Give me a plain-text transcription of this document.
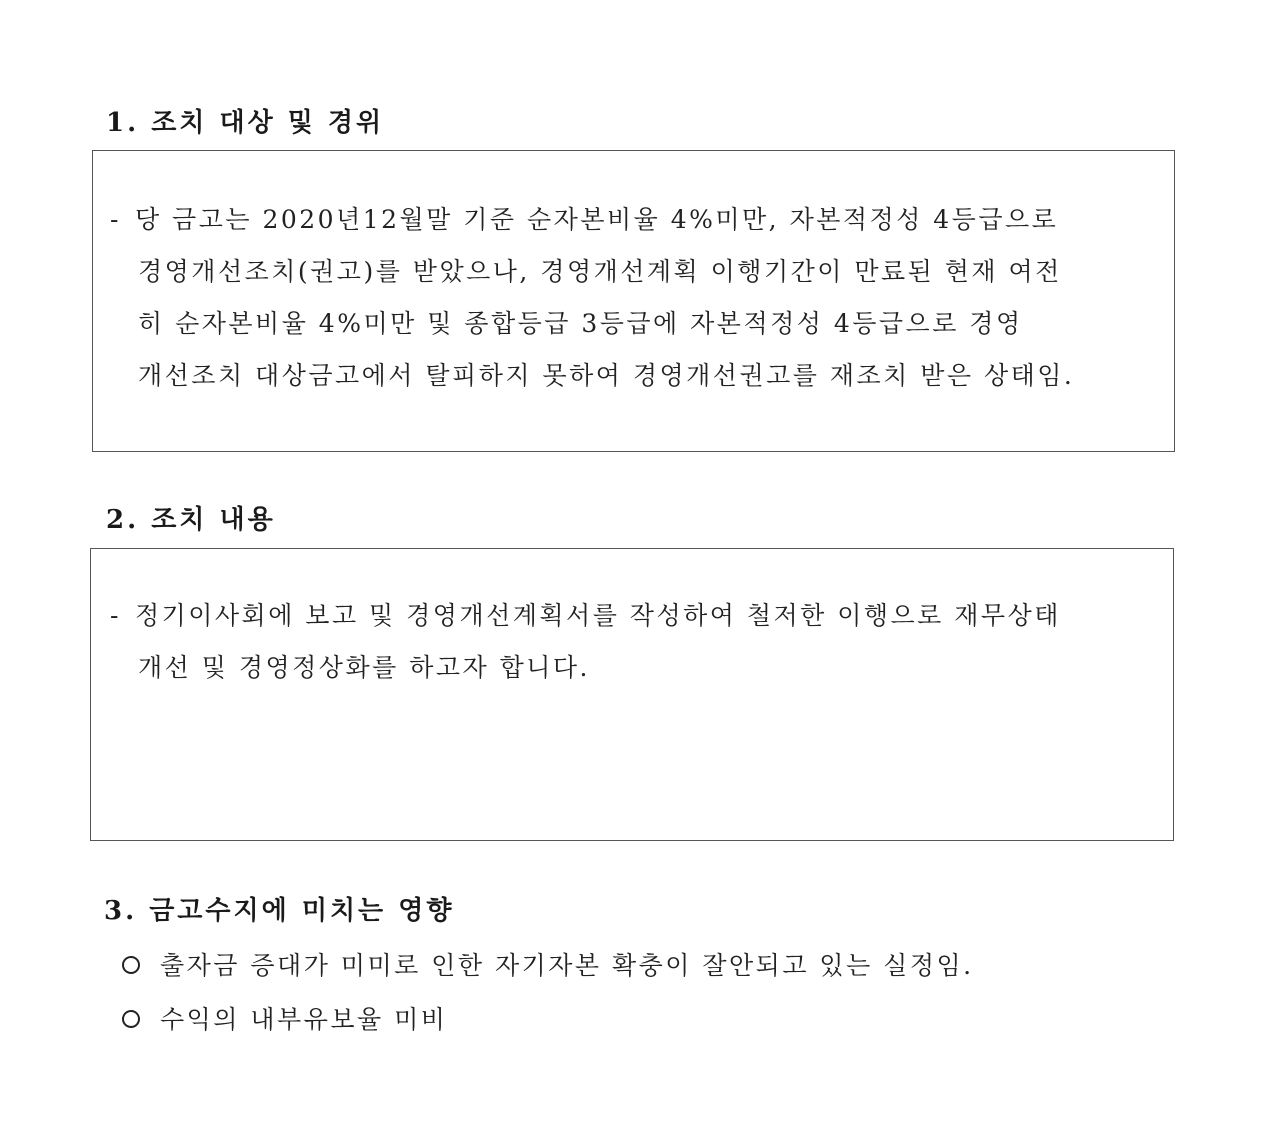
1. 조치 대상 및 경위
- 당 금고는 2020년12월말 기준 순자본비율 4%미만, 자본적정성 4등급으로
경영개선조치(권고)를 받았으나, 경영개선계획 이행기간이 만료된 현재 여전
히 순자본비율 4%미만 및 종합등급 3등급에 자본적정성 4등급으로 경영
개선조치 대상금고에서 탈피하지 못하여 경영개선권고를 재조치 받은 상태임.
2. 조치 내용
- 정기이사회에 보고 및 경영개선계획서를 작성하여 철저한 이행으로 재무상태
개선 및 경영정상화를 하고자 합니다.
3. 금고수지에 미치는 영향
출자금 증대가 미미로 인한 자기자본 확충이 잘안되고 있는 실정임.
수익의 내부유보율 미비
